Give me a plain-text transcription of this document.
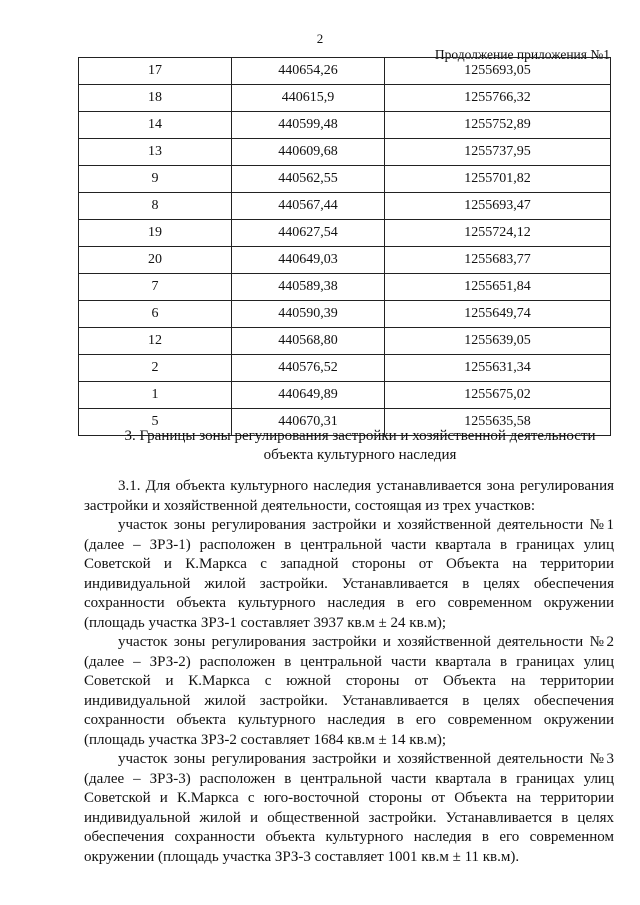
2
Продолжение приложения №1
17	440654,26	1255693,05
18	440615,9	1255766,32
14	440599,48	1255752,89
13	440609,68	1255737,95
9	440562,55	1255701,82
8	440567,44	1255693,47
19	440627,54	1255724,12
20	440649,03	1255683,77
7	440589,38	1255651,84
6	440590,39	1255649,74
12	440568,80	1255639,05
2	440576,52	1255631,34
1	440649,89	1255675,02
5	440670,31	1255635,58
3. Границы зоны регулирования застройки и хозяйственной деятельности объекта культурного наследия

3.1. Для объекта культурного наследия устанавливается зона регулирования застройки и хозяйственной деятельности, состоящая из трех участков:

участок зоны регулирования застройки и хозяйственной деятельности №1 (далее – ЗРЗ-1) расположен в центральной части квартала в границах улиц Советской и К.Маркса с западной стороны от Объекта на территории индивидуальной жилой застройки. Устанавливается в целях обеспечения сохранности объекта культурного наследия в его современном окружении (площадь участка ЗРЗ-1 составляет 3937 кв.м ± 24 кв.м);

участок зоны регулирования застройки и хозяйственной деятельности №2 (далее – ЗРЗ-2) расположен в центральной части квартала в границах улиц Советской и К.Маркса с южной стороны от Объекта на территории индивидуальной жилой застройки. Устанавливается в целях обеспечения сохранности объекта культурного наследия в его современном окружении (площадь участка ЗРЗ-2 составляет 1684 кв.м ± 14 кв.м);

участок зоны регулирования застройки и хозяйственной деятельности №3 (далее – ЗРЗ-3) расположен в центральной части квартала в границах улиц Советской и К.Маркса с юго-восточной стороны от Объекта на территории индивидуальной жилой и общественной застройки. Устанавливается в целях обеспечения сохранности объекта культурного наследия в его современном окружении (площадь участка ЗРЗ-3 составляет 1001 кв.м ± 11 кв.м).
